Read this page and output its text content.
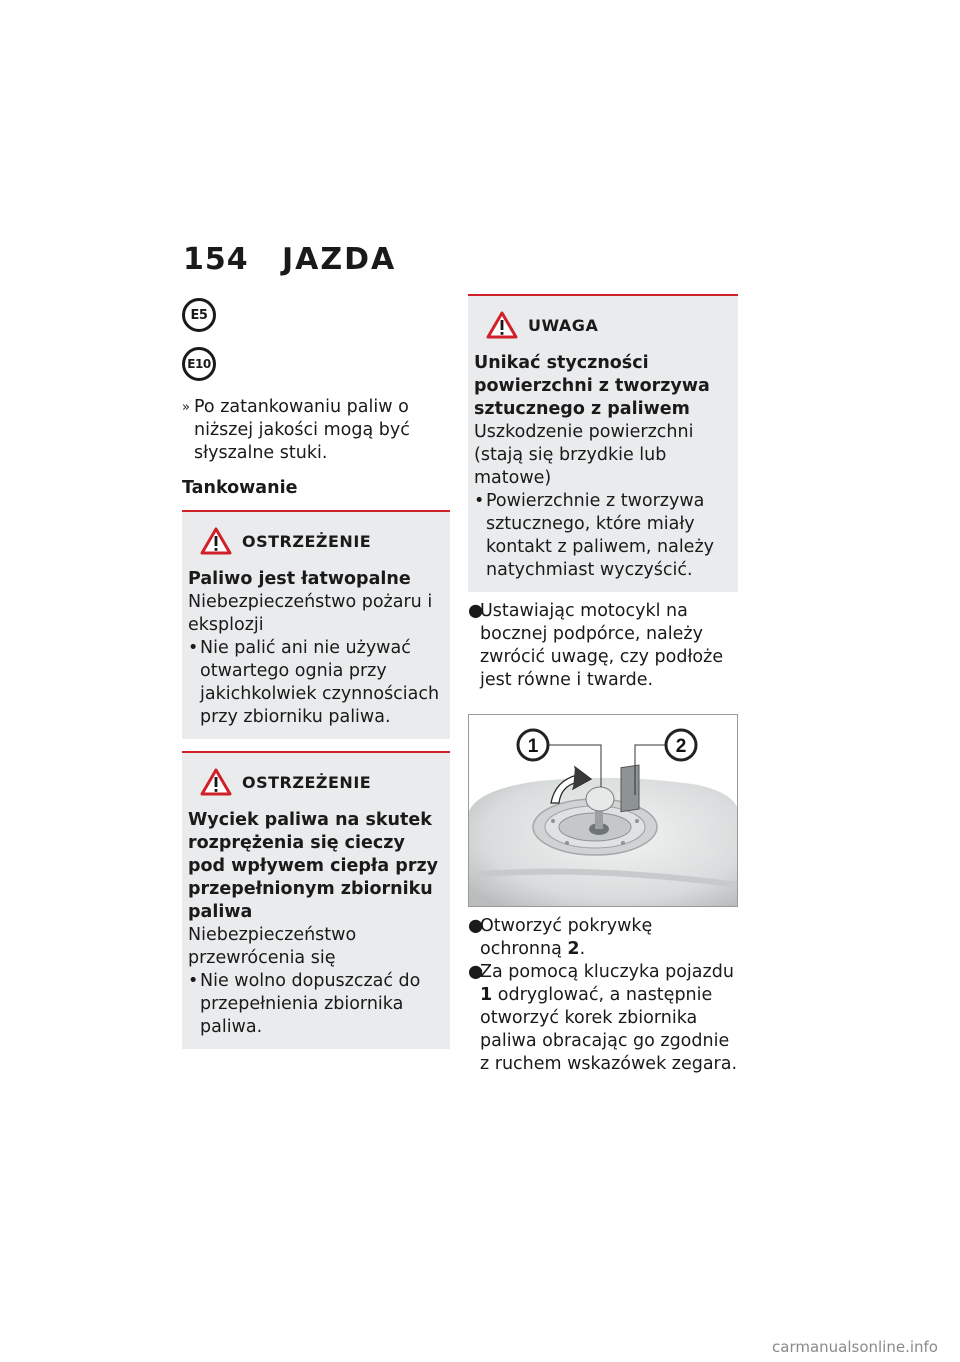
154 JAZDA
E5
E10
» Po zatankowaniu paliw o niższej jakości mogą być słyszalne stuki.
Tankowanie
OSTRZEŻENIE
Paliwo jest łatwopalne
Niebezpieczeństwo pożaru i eksplozji
• Nie palić ani nie używać otwartego ognia przy jakichkolwiek czynnościach przy zbiorniku paliwa.
OSTRZEŻENIE
Wyciek paliwa na skutek rozprężenia się cieczy pod wpływem ciepła przy przepełnionym zbiorniku paliwa
Niebezpieczeństwo przewrócenia się
• Nie wolno dopuszczać do przepełnienia zbiornika paliwa.
UWAGA
Unikać styczności powierzchni z tworzywa sztucznego z paliwem
Uszkodzenie powierzchni (stają się brzydkie lub matowe)
• Powierzchnie z tworzywa sztucznego, które miały kontakt z paliwem, należy natychmiast wyczyścić.
●
Ustawiając motocykl na bocznej podpórce, należy zwrócić uwagę, czy podłoże jest równe i twarde.
1	2
●
Otworzyć pokrywkę ochronną 2.
●
Za pomocą kluczyka pojazdu 1 odryglować, a następnie otworzyć korek zbiornika paliwa obracając go zgodnie z ruchem wskazówek zegara.
carmanualsonline.info
